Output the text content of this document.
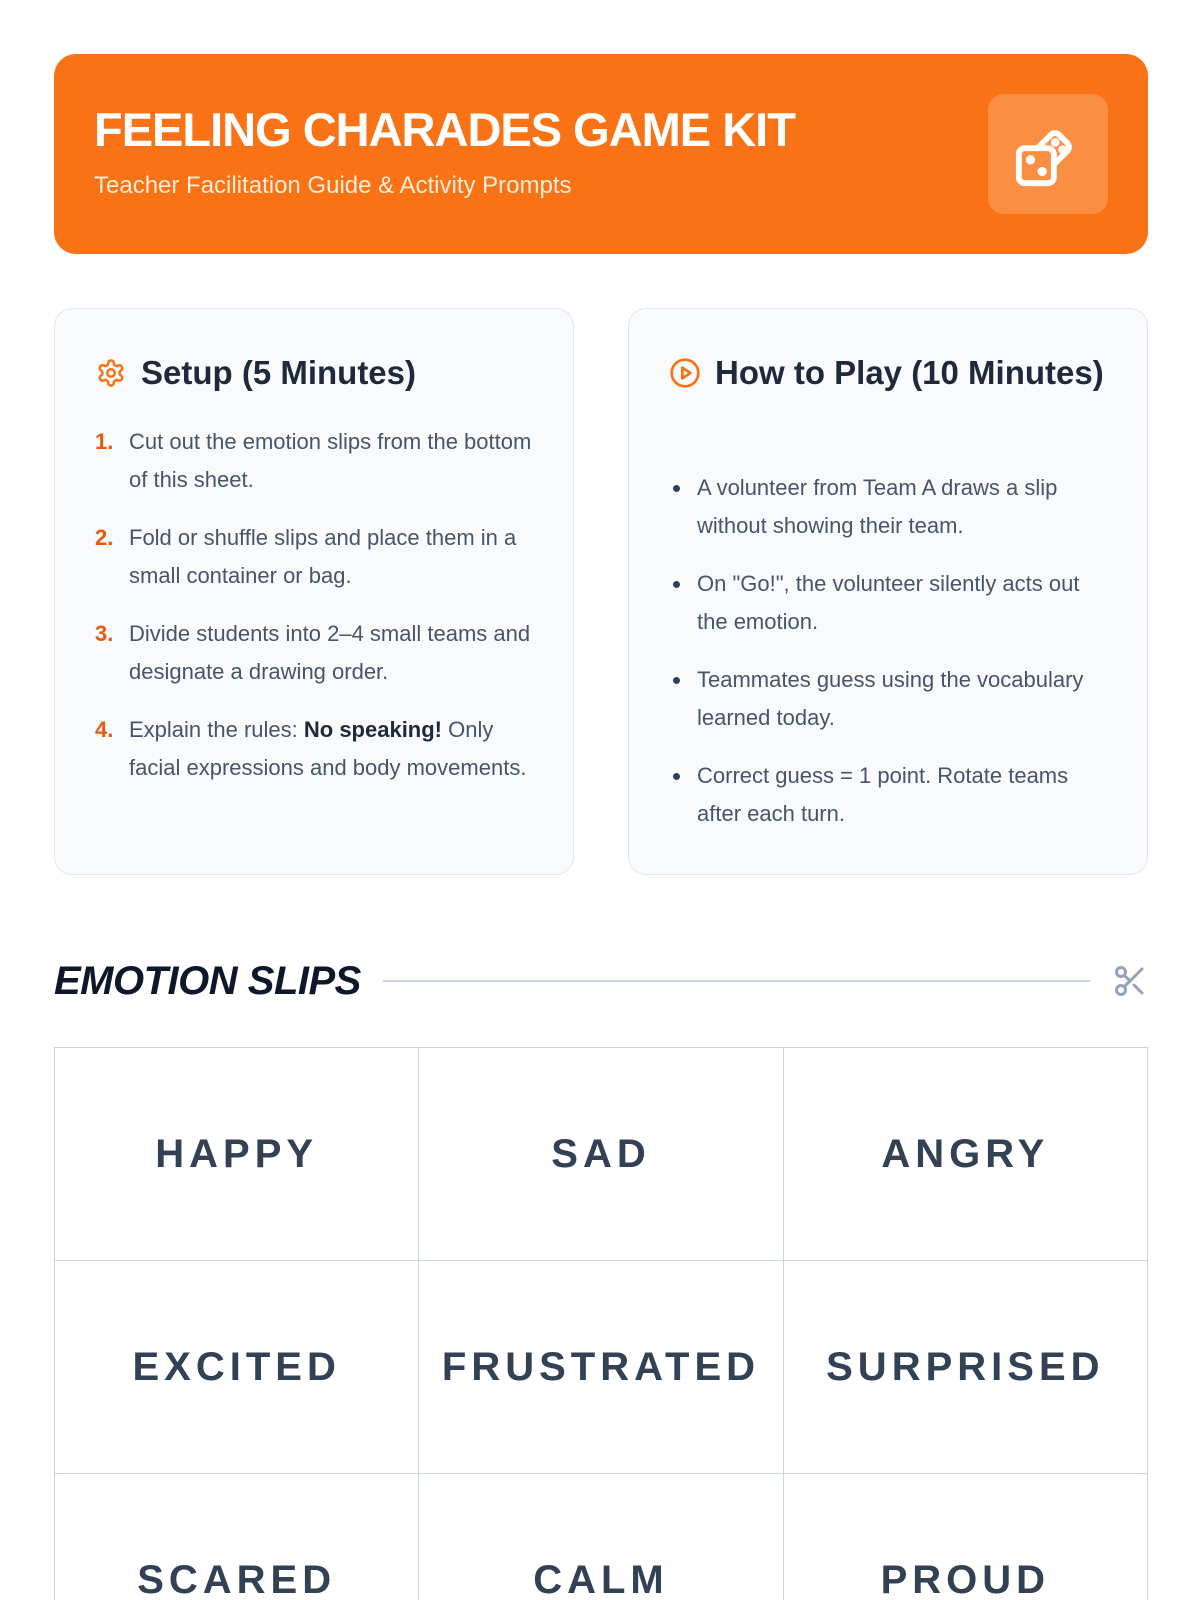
FEELING CHARADES GAME KIT

Teacher Facilitation Guide & Activity Prompts

Setup (5 Minutes)
1. Cut out the emotion slips from the bottom of this sheet.
2. Fold or shuffle slips and place them in a small container or bag.
3. Divide students into 2–4 small teams and designate a drawing order.
4. Explain the rules: No speaking! Only facial expressions and body movements.
How to Play (10 Minutes)
A volunteer from Team A draws a slip without showing their team.
On "Go!", the volunteer silently acts out the emotion.
Teammates guess using the vocabulary learned today.
Correct guess = 1 point. Rotate teams after each turn.
EMOTION SLIPS
HAPPY	SAD	ANGRY
EXCITED	FRUSTRATED	SURPRISED
SCARED	CALM	PROUD
